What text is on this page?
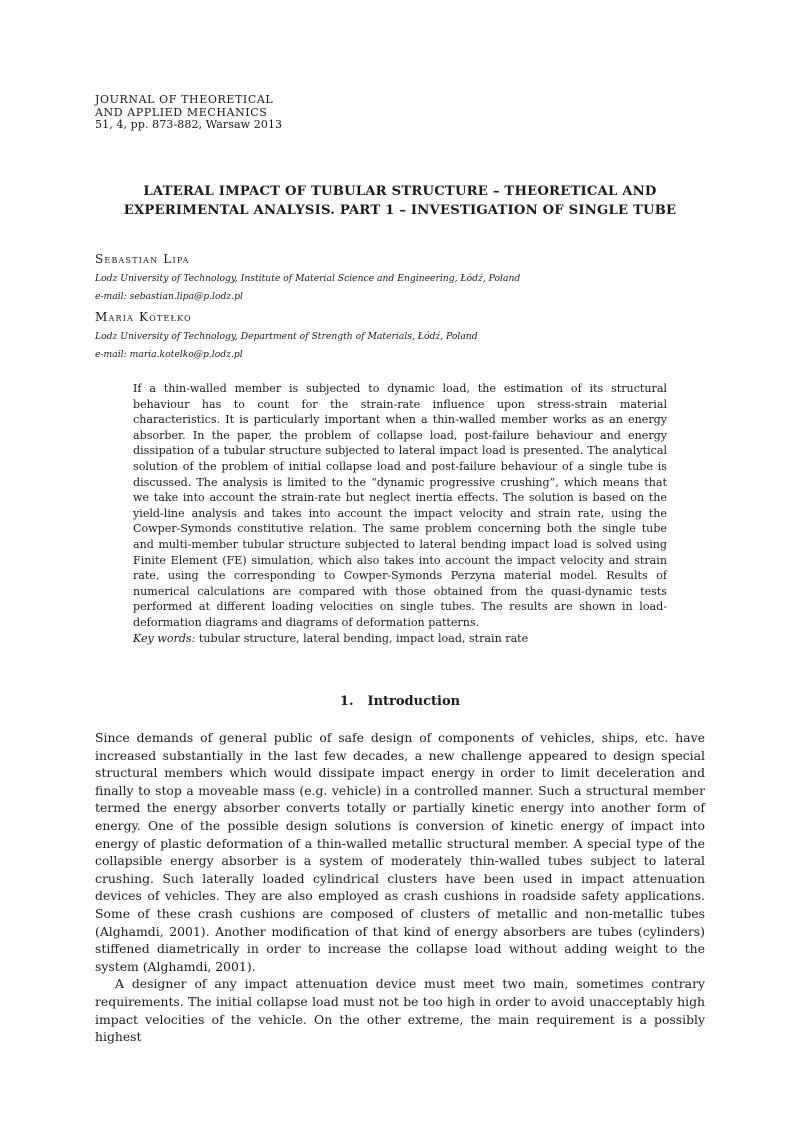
JOURNAL OF THEORETICAL
AND APPLIED MECHANICS
51, 4, pp. 873-882, Warsaw 2013
LATERAL IMPACT OF TUBULAR STRUCTURE – THEORETICAL AND
EXPERIMENTAL ANALYSIS. PART 1 – INVESTIGATION OF SINGLE TUBE
Sebastian Lipa
Lodz University of Technology, Institute of Material Science and Engineering, Łódź, Poland
e-mail: sebastian.lipa@p.lodz.pl
Maria Kotełko
Lodz University of Technology, Department of Strength of Materials, Łódź, Poland
e-mail: maria.kotelko@p.lodz.pl

If a thin-walled member is subjected to dynamic load, the estimation of its structural behaviour has to count for the strain-rate influence upon stress-strain material characteristics. It is particularly important when a thin-walled member works as an energy absorber. In the paper, the problem of collapse load, post-failure behaviour and energy dissipation of a tubular structure subjected to lateral impact load is presented. The analytical solution of the problem of initial collapse load and post-failure behaviour of a single tube is discussed. The analysis is limited to the “dynamic progressive crushing”, which means that we take into account the strain-rate but neglect inertia effects. The solution is based on the yield-line analysis and takes into account the impact velocity and strain rate, using the Cowper-Symonds constitutive relation. The same problem concerning both the single tube and multi-member tubular structure subjected to lateral bending impact load is solved using Finite Element (FE) simulation, which also takes into account the impact velocity and strain rate, using the corresponding to Cowper-Symonds Perzyna material model. Results of numerical calculations are compared with those obtained from the quasi-dynamic tests performed at different loading velocities on single tubes. The results are shown in load-deformation diagrams and diagrams of deformation patterns.

Key words: tubular structure, lateral bending, impact load, strain rate

1. Introduction

Since demands of general public of safe design of components of vehicles, ships, etc. have increased substantially in the last few decades, a new challenge appeared to design special structural members which would dissipate impact energy in order to limit deceleration and finally to stop a moveable mass (e.g. vehicle) in a controlled manner. Such a structural member termed the energy absorber converts totally or partially kinetic energy into another form of energy. One of the possible design solutions is conversion of kinetic energy of impact into energy of plastic deformation of a thin-walled metallic structural member. A special type of the collapsible energy absorber is a system of moderately thin-walled tubes subject to lateral crushing. Such laterally loaded cylindrical clusters have been used in impact attenuation devices of vehicles. They are also employed as crash cushions in roadside safety applications. Some of these crash cushions are composed of clusters of metallic and non-metallic tubes (Alghamdi, 2001). Another modification of that kind of energy absorbers are tubes (cylinders) stiffened diametrically in order to increase the collapse load without adding weight to the system (Alghamdi, 2001).

A designer of any impact attenuation device must meet two main, sometimes contrary requirements. The initial collapse load must not be too high in order to avoid unacceptably high impact velocities of the vehicle. On the other extreme, the main requirement is a possibly highest
